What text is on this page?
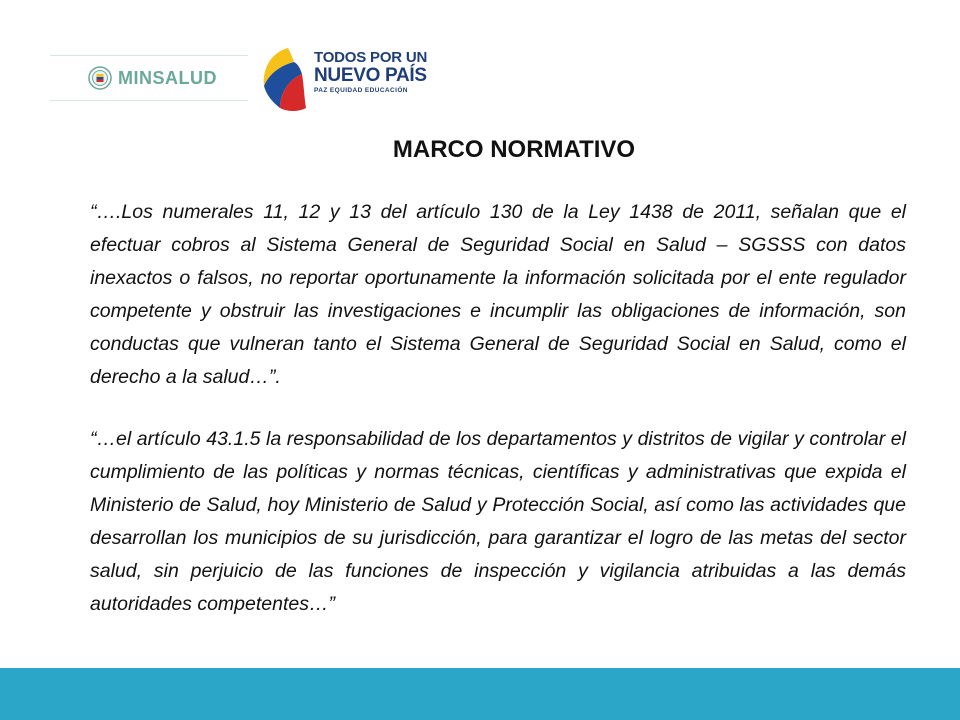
MINSALUD
TODOS POR UN
NUEVO PAÍS
PAZ EQUIDAD EDUCACIÓN
MARCO NORMATIVO

“….Los numerales 11, 12 y 13 del artículo 130 de la Ley 1438 de 2011, señalan que el efectuar cobros al Sistema General de Seguridad Social en Salud – SGSSS con datos inexactos o falsos, no reportar oportunamente la información solicitada por el ente regulador competente y obstruir las investigaciones e incumplir las obligaciones de información, son conductas que vulneran tanto el Sistema General de Seguridad Social en Salud, como el derecho a la salud…”.

“…el artículo 43.1.5 la responsabilidad de los departamentos y distritos de vigilar y controlar el cumplimiento de las políticas y normas técnicas, científicas y administrativas que expida el Ministerio de Salud, hoy Ministerio de Salud y Protección Social, así como las actividades que desarrollan los municipios de su jurisdicción, para garantizar el logro de las metas del sector salud, sin perjuicio de las funciones de inspección y vigilancia atribuidas a las demás autoridades competentes…”
